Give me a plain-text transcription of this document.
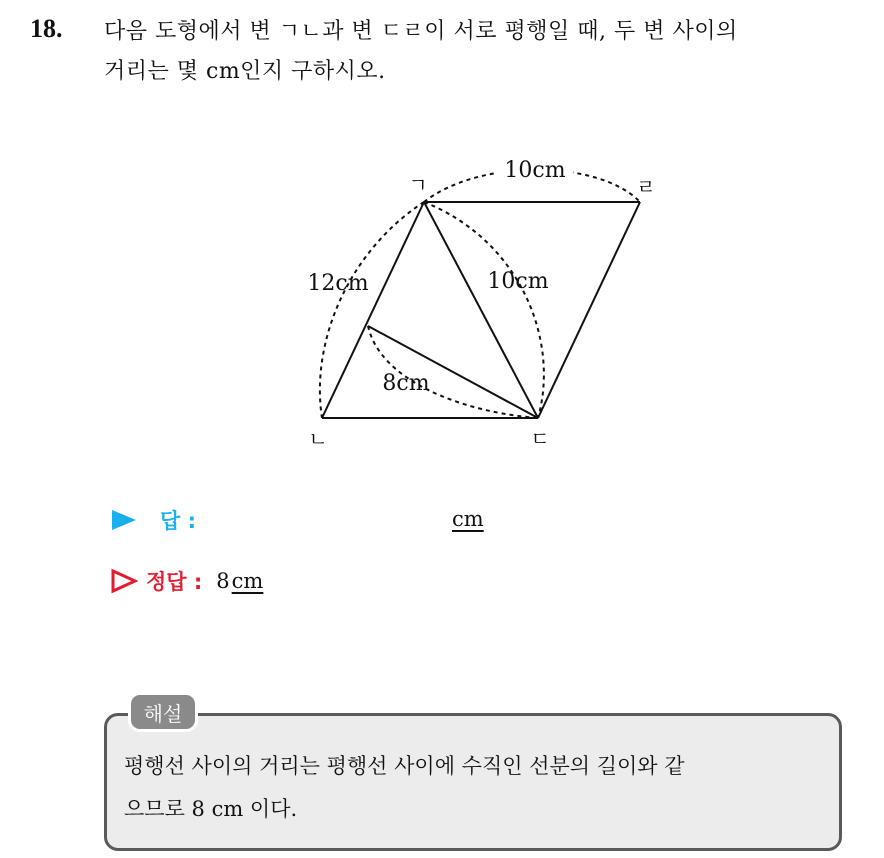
18. 다음 도형에서 변 ㄱㄴ과 변 ㄷㄹ이 서로 평행일 때, 두 변 사이의
거리는 몇 cm인지 구하시오.
10cm
12cm	10cm
8cm
ㄱ	ㄹ
ㄴ	ㄷ
답 :	cm
정답 : 8cm
해설
평행선 사이의 거리는 평행선 사이에 수직인 선분의 길이와 같
으므로 8 cm 이다.
